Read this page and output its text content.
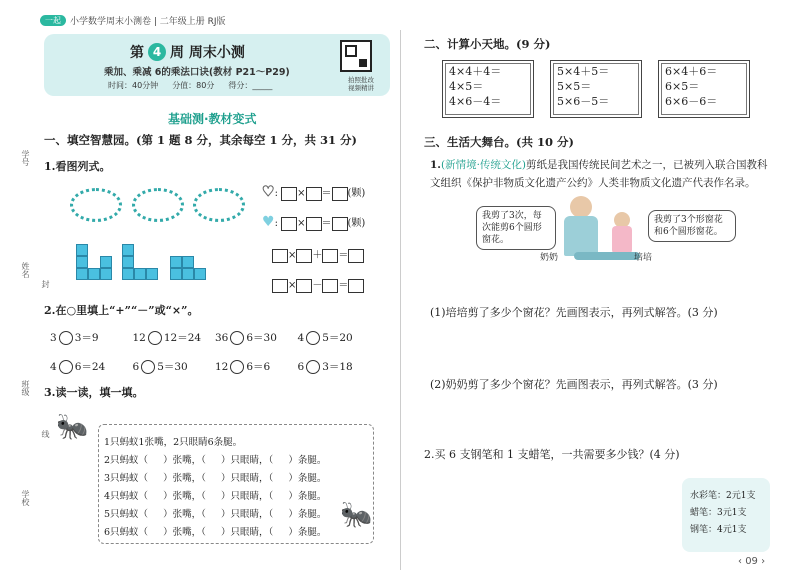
一起	小学数学周末小测卷 | 二年级上册 RJ版
第 4 周 周末小测
乘加、乘减 6的乘法口诀(教材 P21～P29)
时间：40分钟 分值：80分 得分：_____
拍照批改
视频精讲
学号
姓名
封
班级
线
学校
基础测·教材变式
一、填空智慧园。(第 1 题 8 分，其余每空 1 分，共 31 分)
1.看图列式。

♥: × ＝ (颗)
♥: × ＝ (颗)
× ＋ ＝
× － ＝
2.在○里填上“+”“－”或“×”。
3 3＝9	12 12＝24	36 6＝30	4 5＝20
4 6＝24	6 5＝30	12 6＝6	6 3＝18
3.读一读，填一填。
🐜
🐜
1只蚂蚁1张嘴，2只眼睛6条腿。
2只蚂蚁（     ）张嘴，（     ）只眼睛，（     ）条腿。
3只蚂蚁（     ）张嘴，（     ）只眼睛，（     ）条腿。
4只蚂蚁（     ）张嘴，（     ）只眼睛，（     ）条腿。
5只蚂蚁（     ）张嘴，（     ）只眼睛，（     ）条腿。
6只蚂蚁（     ）张嘴，（     ）只眼睛，（     ）条腿。
二、计算小天地。(9 分)
4×4＋4＝
4×5＝
4×6－4＝
5×4＋5＝
5×5＝
5×6－5＝
6×4＋6＝
6×5＝
6×6－6＝
三、生活大舞台。(共 10 分)
1.(新情境·传统文化)剪纸是我国传统民间艺术之一，已被列入联合国教科文组织《保护非物质文化遗产公约》人类非物质文化遗产代表作名录。
我剪了3次，每次能剪6个圆形窗花。
我剪了3个形窗花和6个圆形窗花。
奶奶	培培
(1)培培剪了多少个窗花？先画图表示，再列式解答。(3 分)
(2)奶奶剪了多少个窗花？先画图表示，再列式解答。(3 分)
2.买 6 支钢笔和 1 支蜡笔，一共需要多少钱？(4 分)
水彩笔：2元1支
蜡笔：3元1支
钢笔：4元1支
‹ 09 ›
